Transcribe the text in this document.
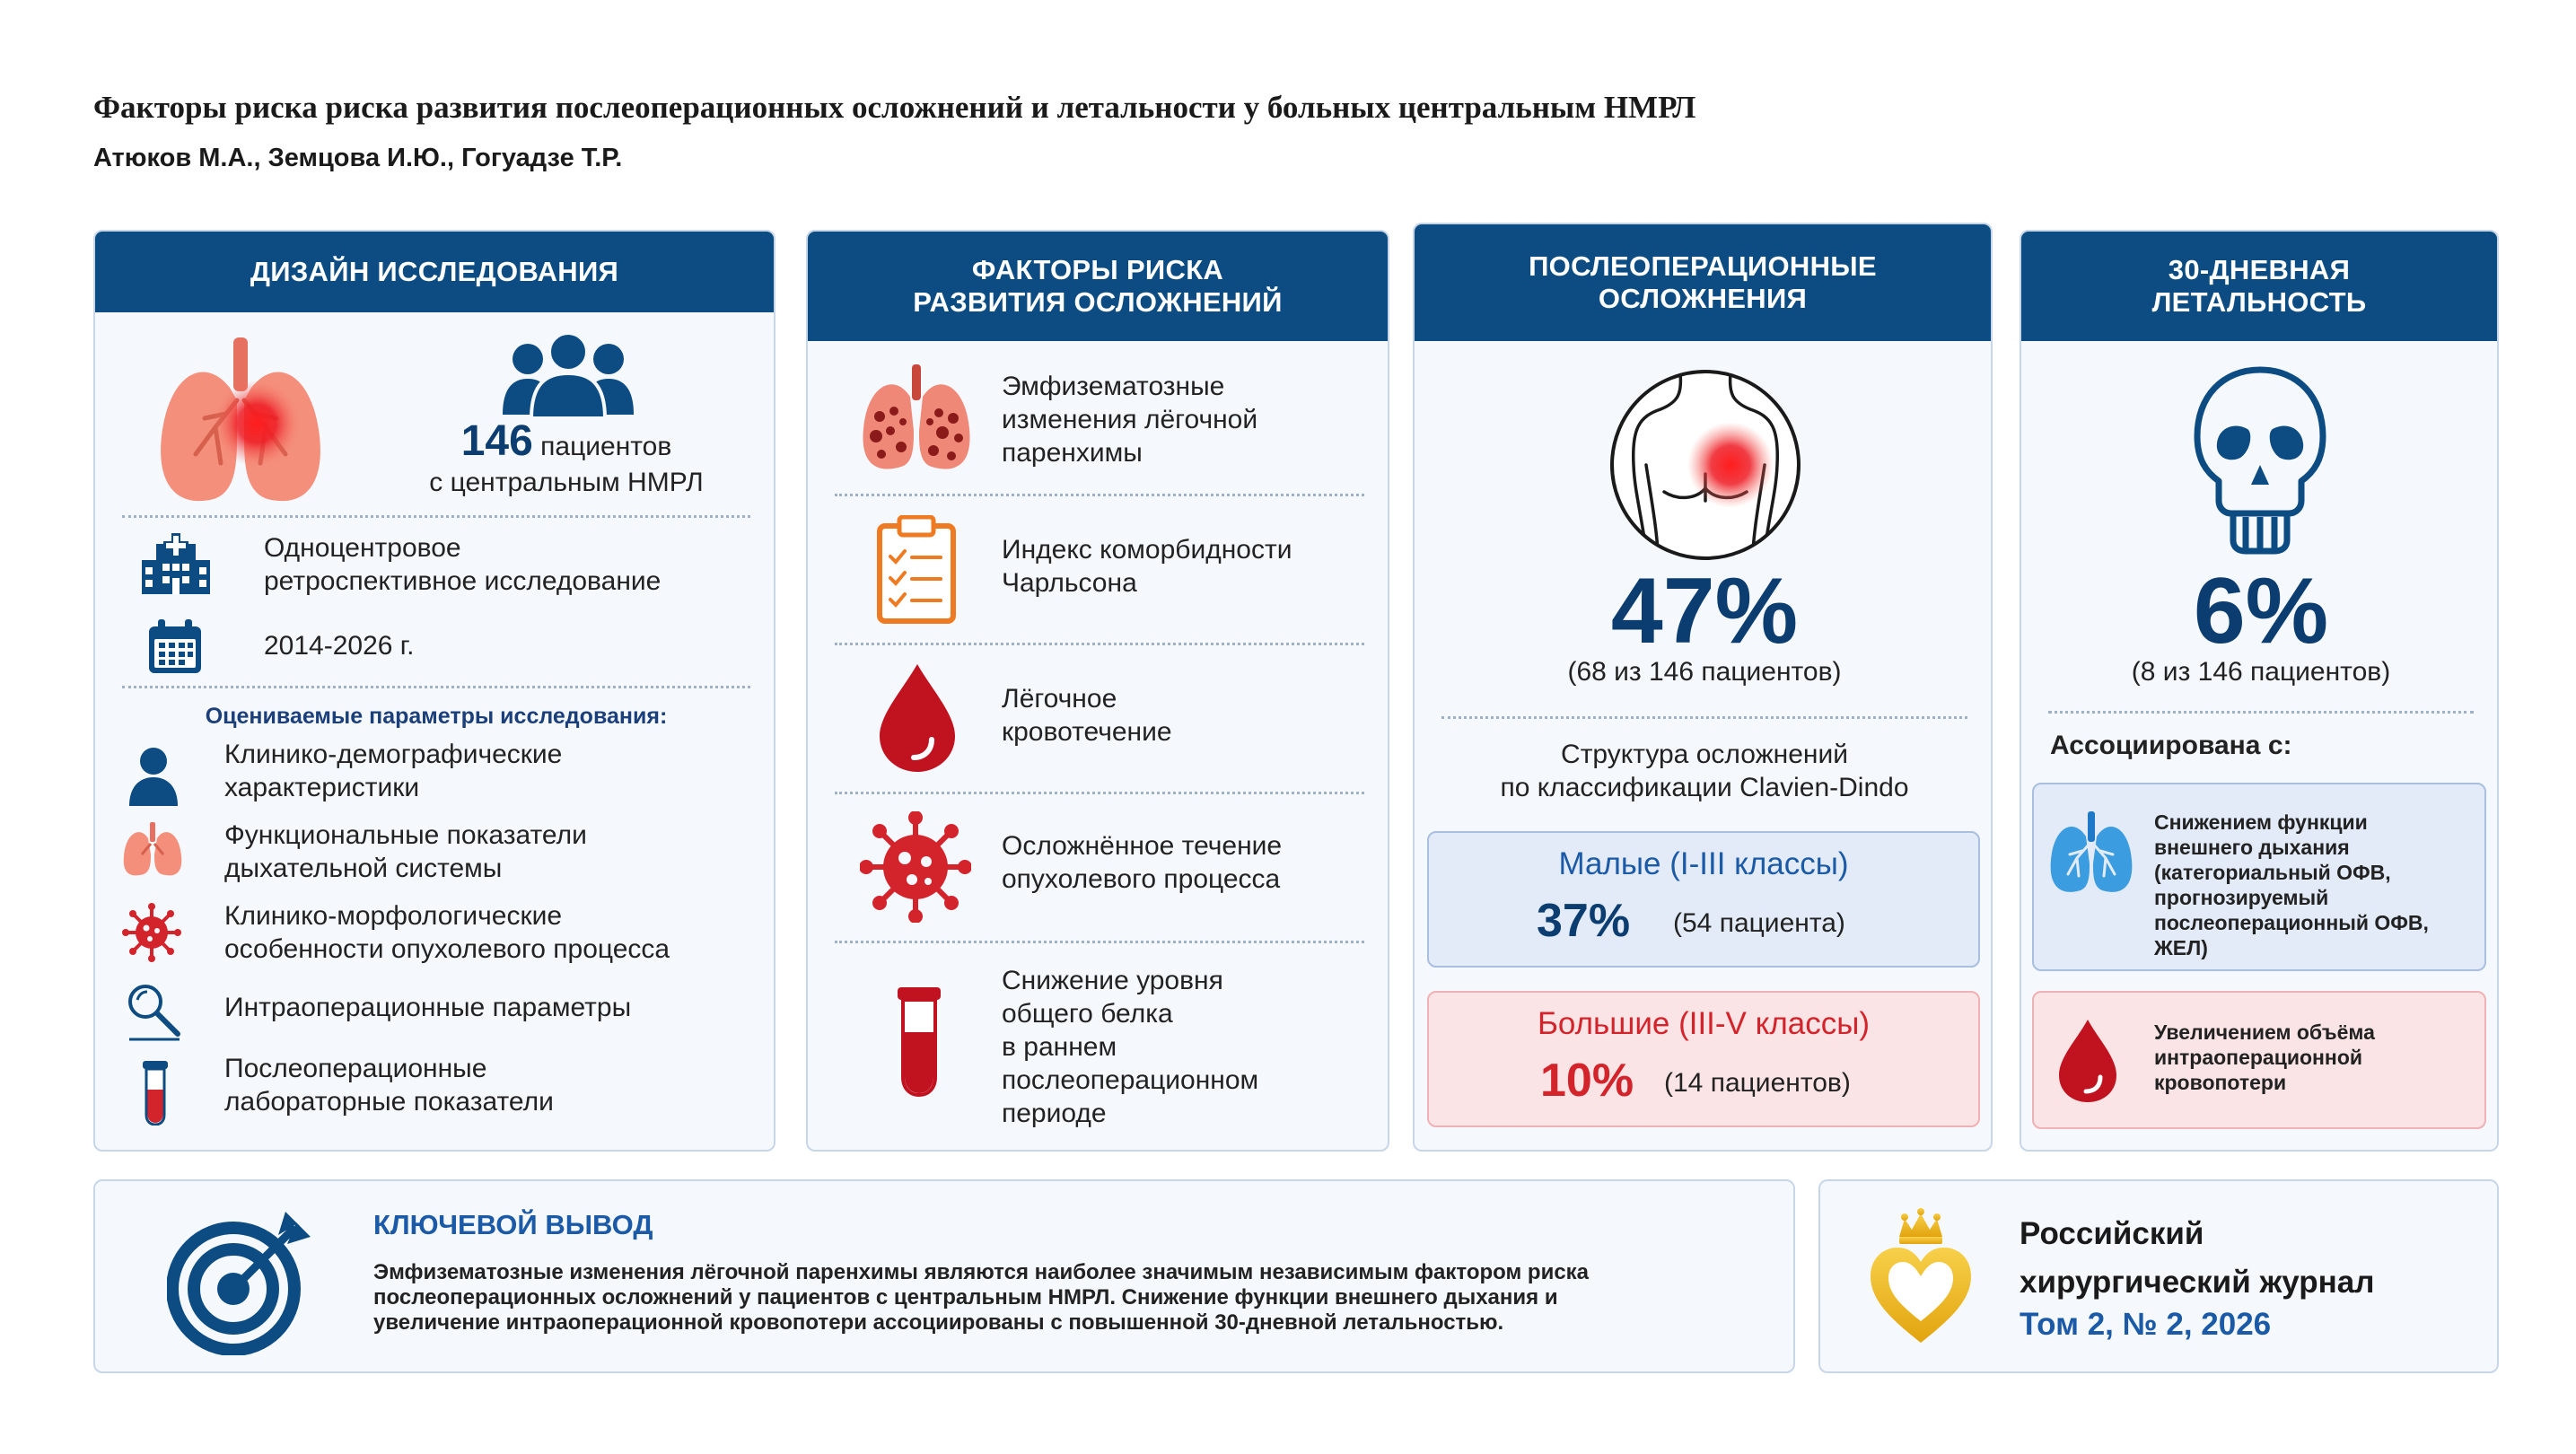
Факторы риска риска развития послеоперационных осложнений и летальности у больных центральным НМРЛ
Атюков М.А., Земцова И.Ю., Гогуадзе Т.Р.
ДИЗАЙН ИССЛЕДОВАНИЯ
146 пациентов
с центральным НМРЛ
Одноцентровое
ретроспективное исследование
2014-2026 г.
Оцениваемые параметры исследования:
Клинико-демографические
характеристики
Функциональные показатели
дыхательной системы
Клинико-морфологические
особенности опухолевого процесса
Интраоперационные параметры
Послеоперационные
лабораторные показатели
ФАКТОРЫ РИСКА
РАЗВИТИЯ ОСЛОЖНЕНИЙ
Эмфизематозные
изменения лёгочной
паренхимы
Индекс коморбидности
Чарльсона
Лёгочное
кровотечение
Осложнённое течение
опухолевого процесса
Снижение уровня
общего белка
в раннем
послеоперационном
периоде
ПОСЛЕОПЕРАЦИОННЫЕ
ОСЛОЖНЕНИЯ
47%
(68 из 146 пациентов)
Структура осложнений
по классификации Clavien-Dindo
Малые (I-III классы)
37% (54 пациента)
Большие (III-V классы)
10% (14 пациентов)
30-ДНЕВНАЯ
ЛЕТАЛЬНОСТЬ
6%
(8 из 146 пациентов)
Ассоциирована с:
Снижением функции
внешнего дыхания
(категориальный ОФВ,
прогнозируемый
послеоперационный ОФВ,
ЖЕЛ)
Увеличением объёма
интраоперационной
кровопотери
КЛЮЧЕВОЙ ВЫВОД
Эмфизематозные изменения лёгочной паренхимы являются наиболее значимым независимым фактором риска
послеоперационных осложнений у пациентов с центральным НМРЛ. Снижение функции внешнего дыхания и
увеличение интраоперационной кровопотери ассоциированы с повышенной 30-дневной летальностью.
Российский
хирургический журнал
Том 2, № 2, 2026
